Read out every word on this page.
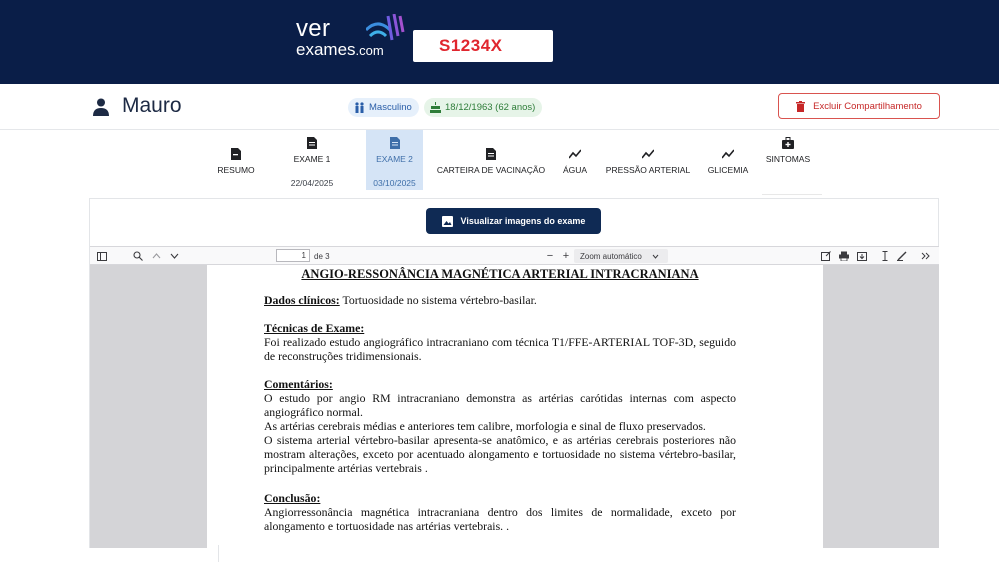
ver
exames.com	S1234X
Mauro	Masculino	18/12/1963 (62 anos)	Excluir Compartilhamento
RESUMO
EXAME 1
22/04/2025
EXAME 2
03/10/2025
CARTEIRA DE VACINAÇÃO ÁGUA PRESSÃO ARTERIAL GLICEMIA
SINTOMAS
Visualizar imagens do exame
1	de 3	− +	Zoom automático
ANGIO-RESSONÂNCIA MAGNÉTICA ARTERIAL INTRACRANIANA
Dados clínicos: Tortuosidade no sistema vértebro-basilar.
Técnicas de Exame:
Foi realizado estudo angiográfico intracraniano com técnica T1/FFE-ARTERIAL TOF-3D, seguido de reconstruções tridimensionais.
Comentários:
O estudo por angio RM intracraniano demonstra as artérias carótidas internas com aspecto angiográfico normal.
As artérias cerebrais médias e anteriores tem calibre, morfologia e sinal de fluxo preservados.
O sistema arterial vértebro-basilar apresenta-se anatômico, e as artérias cerebrais posteriores não mostram alterações, exceto por acentuado alongamento e tortuosidade no sistema vértebro-basilar, principalmente artérias vertebrais .
Conclusão:
Angiorressonância magnética intracraniana dentro dos limites de normalidade, exceto por alongamento e tortuosidade nas artérias vertebrais. .
